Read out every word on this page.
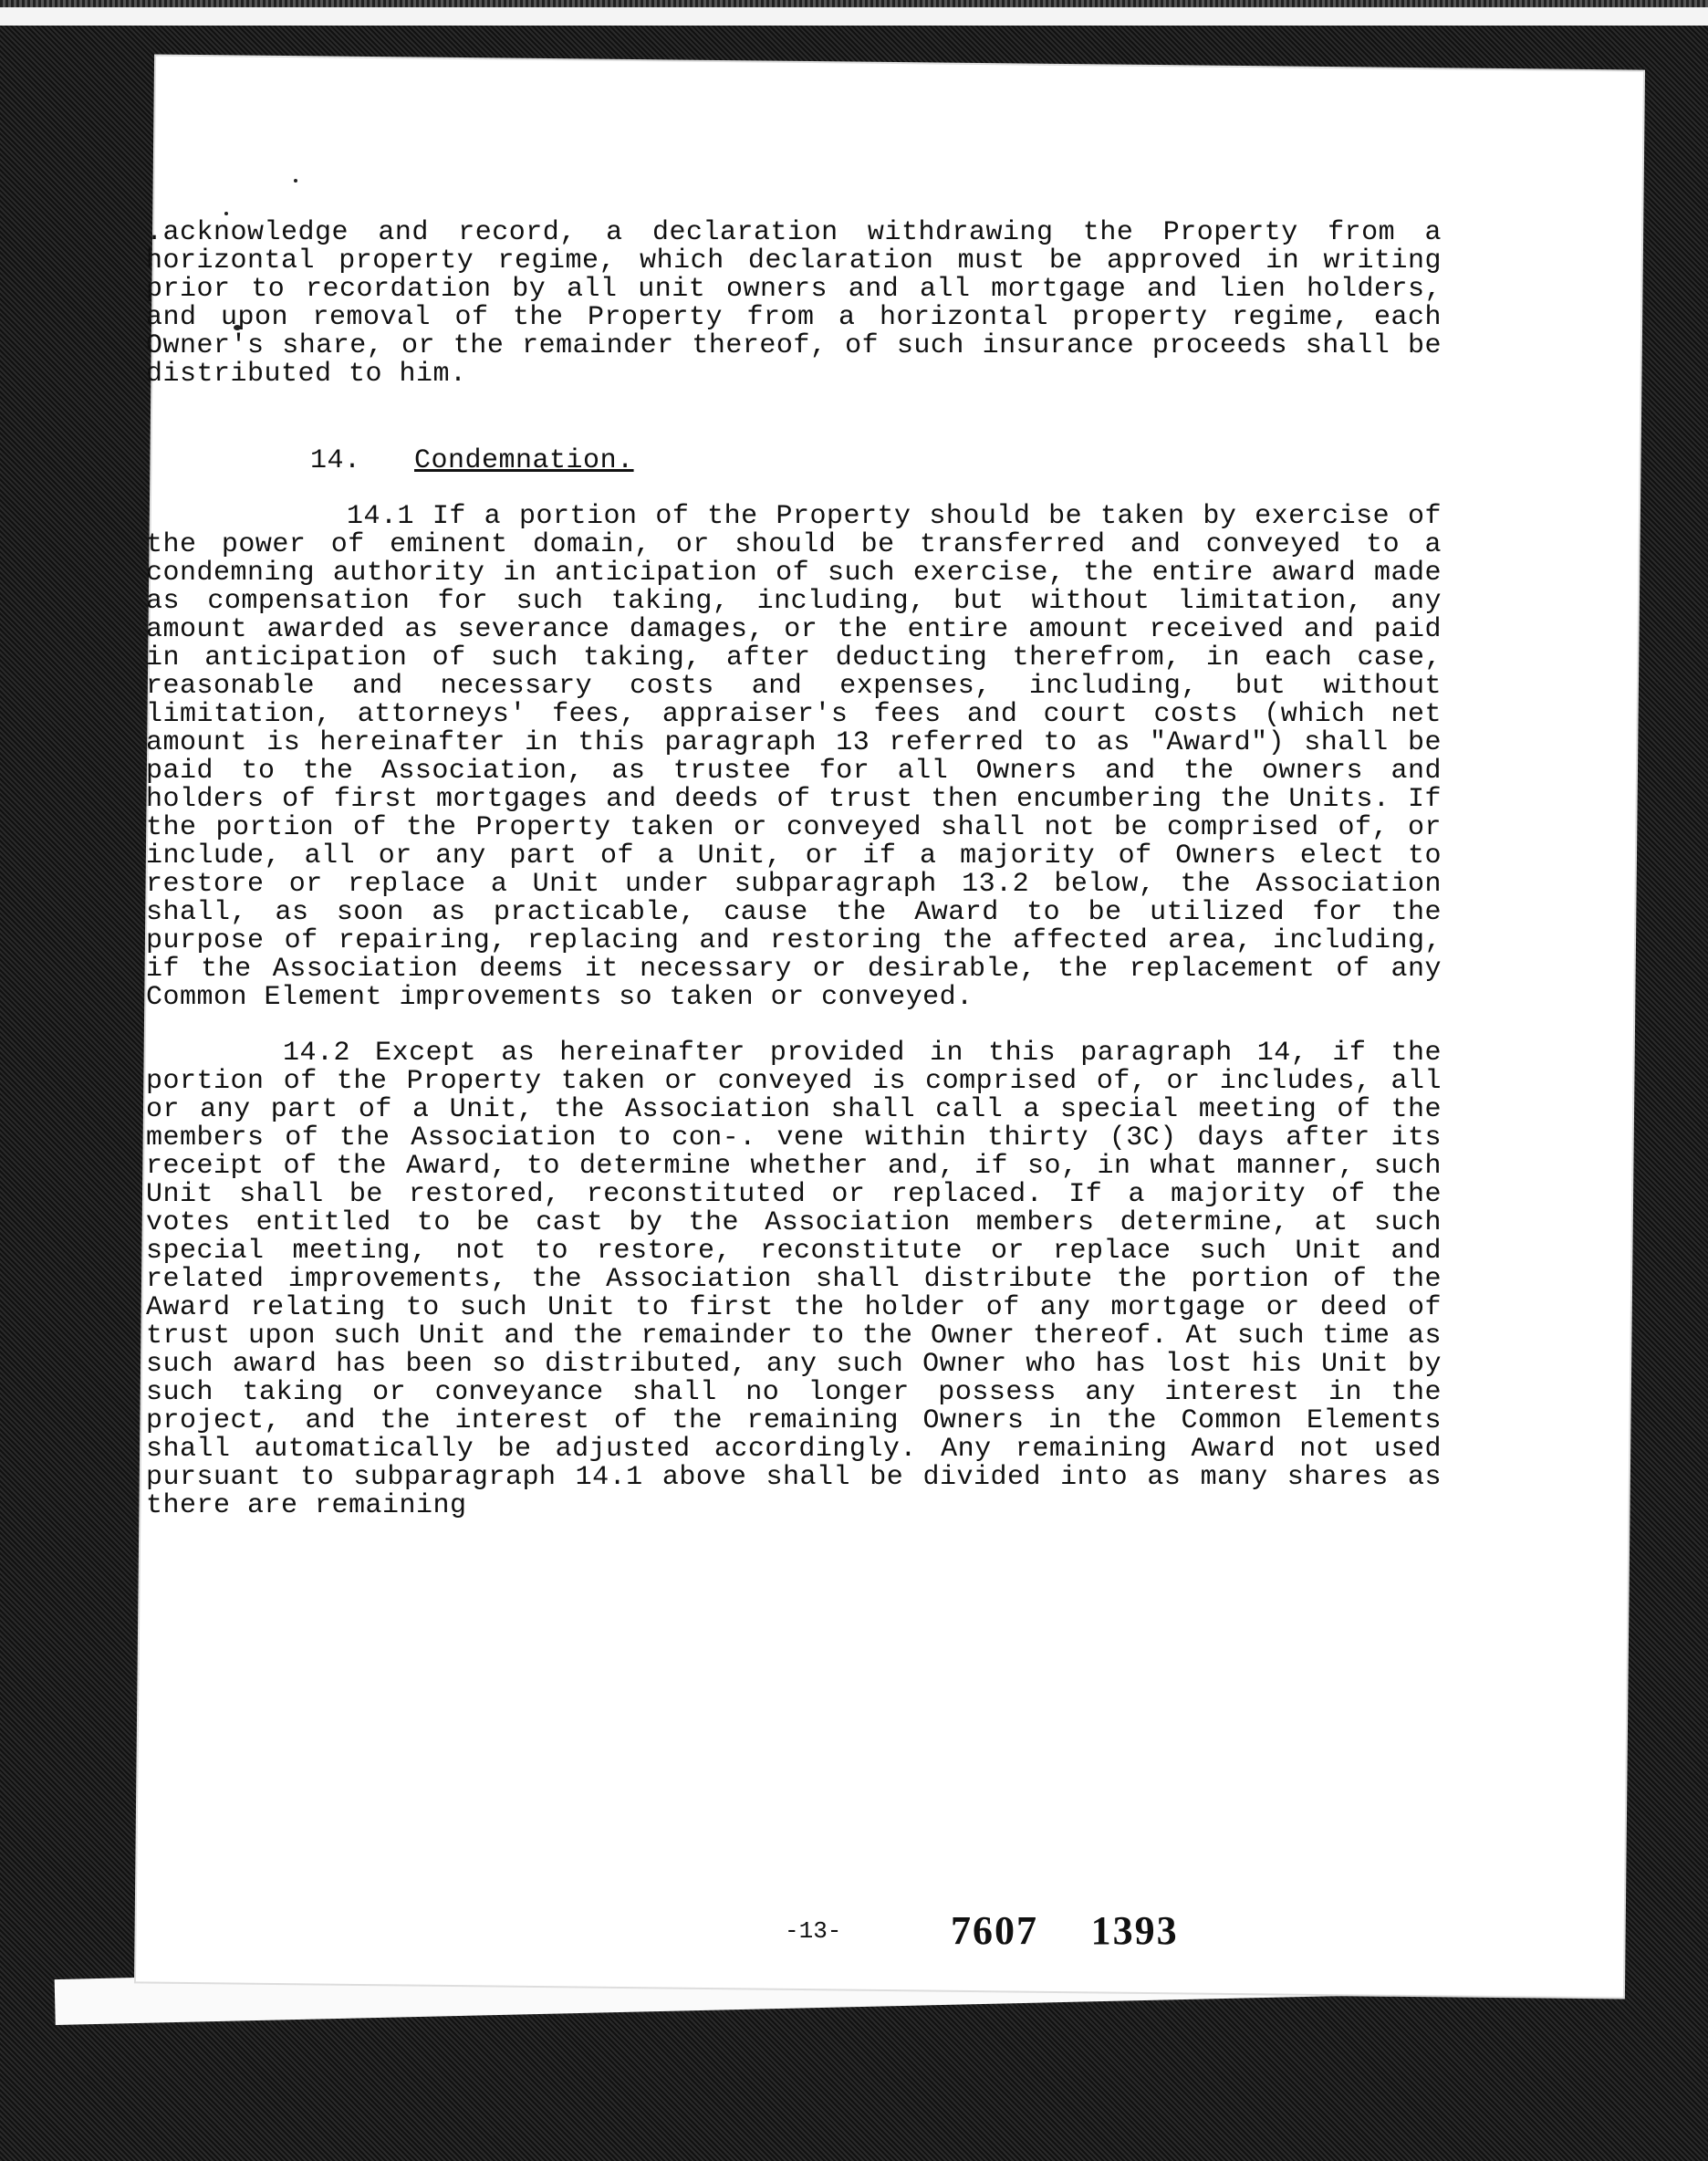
.acknowledge and record, a declaration withdrawing the Property from a horizontal property regime, which declaration must be approved in writing prior to recordation by all unit owners and all mortgage and lien holders, and upon removal of the Property from a horizontal property regime, each Owner's share, or the remainder thereof, of such insurance proceeds shall be distributed to him.

14. Condemnation.

14.1 If a portion of the Property should be taken by exercise of the power of eminent domain, or should be transferred and conveyed to a condemning authority in anticipation of such exercise, the entire award made as compensation for such taking, including, but without limitation, any amount awarded as severance damages, or the entire amount received and paid in anticipation of such taking, after deducting therefrom, in each case, reasonable and necessary costs and expenses, including, but without limitation, attorneys' fees, appraiser's fees and court costs (which net amount is hereinafter in this paragraph 13 referred to as "Award") shall be paid to the Association, as trustee for all Owners and the owners and holders of first mortgages and deeds of trust then encumbering the Units. If the portion of the Property taken or conveyed shall not be comprised of, or include, all or any part of a Unit, or if a majority of Owners elect to restore or replace a Unit under subparagraph 13.2 below, the Association shall, as soon as practicable, cause the Award to be utilized for the purpose of repairing, replacing and restoring the affected area, including, if the Association deems it necessary or desirable, the replacement of any Common Element improvements so taken or conveyed.

14.2 Except as hereinafter provided in this paragraph 14, if the portion of the Property taken or conveyed is comprised of, or includes, all or any part of a Unit, the Association shall call a special meeting of the members of the Association to con-. vene within thirty (3C) days after its receipt of the Award, to determine whether and, if so, in what manner, such Unit shall be restored, reconstituted or replaced. If a majority of the votes entitled to be cast by the Association members determine, at such special meeting, not to restore, reconstitute or replace such Unit and related improvements, the Association shall distribute the portion of the Award relating to such Unit to first the holder of any mortgage or deed of trust upon such Unit and the remainder to the Owner thereof. At such time as such award has been so distributed, any such Owner who has lost his Unit by such taking or conveyance shall no longer possess any interest in the project, and the interest of the remaining Owners in the Common Elements shall automatically be adjusted accordingly. Any remaining Award not used pursuant to subparagraph 14.1 above shall be divided into as many shares as there are remaining

-13-	7607 1393
